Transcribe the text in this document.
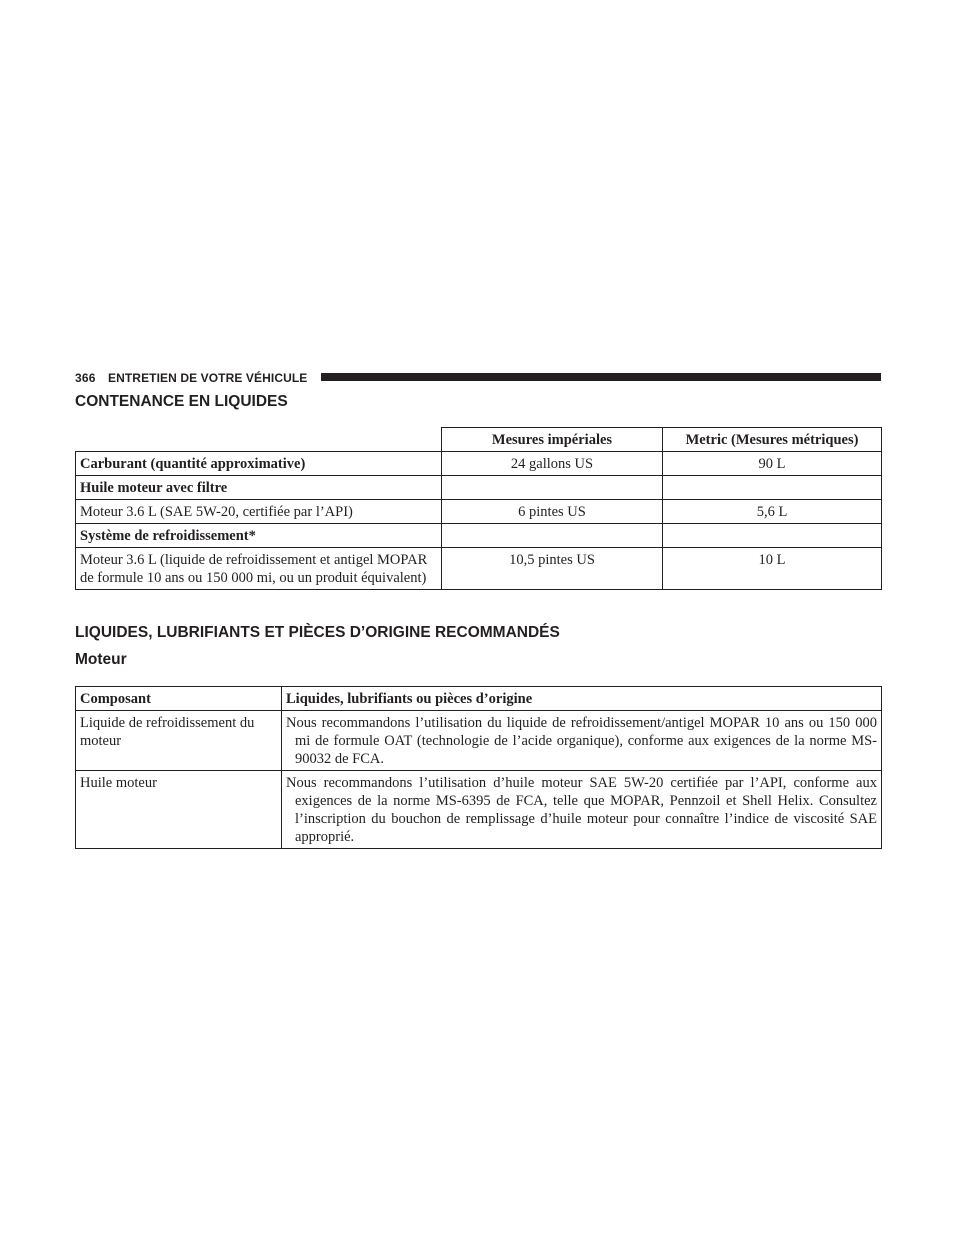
366 ENTRETIEN DE VOTRE VÉHICULE
CONTENANCE EN LIQUIDES
	Mesures impériales	Metric (Mesures métriques)
Carburant (quantité approximative)	24 gallons US	90 L
Huile moteur avec filtre		
Moteur 3.6 L (SAE 5W-20, certifiée par l’API)	6 pintes US	5,6 L
Système de refroidissement*		
Moteur 3.6 L (liquide de refroidissement et antigel MOPAR de formule 10 ans ou 150 000 mi, ou un produit équivalent)	10,5 pintes US	10 L
LIQUIDES, LUBRIFIANTS ET PIÈCES D’ORIGINE RECOMMANDÉS
Moteur
Composant	Liquides, lubrifiants ou pièces d’origine
Liquide de refroidissement du moteur	Nous recommandons l’utilisation du liquide de refroidissement/antigel MOPAR 10 ans ou 150 000 mi de formule OAT (technologie de l’acide organique), conforme aux exigences de la norme MS-90032 de FCA.
Huile moteur	Nous recommandons l’utilisation d’huile moteur SAE 5W-20 certifiée par l’API, conforme aux exigences de la norme MS-6395 de FCA, telle que MOPAR, Pennzoil et Shell Helix. Consultez l’inscription du bouchon de remplissage d’huile moteur pour connaître l’indice de viscosité SAE approprié.
